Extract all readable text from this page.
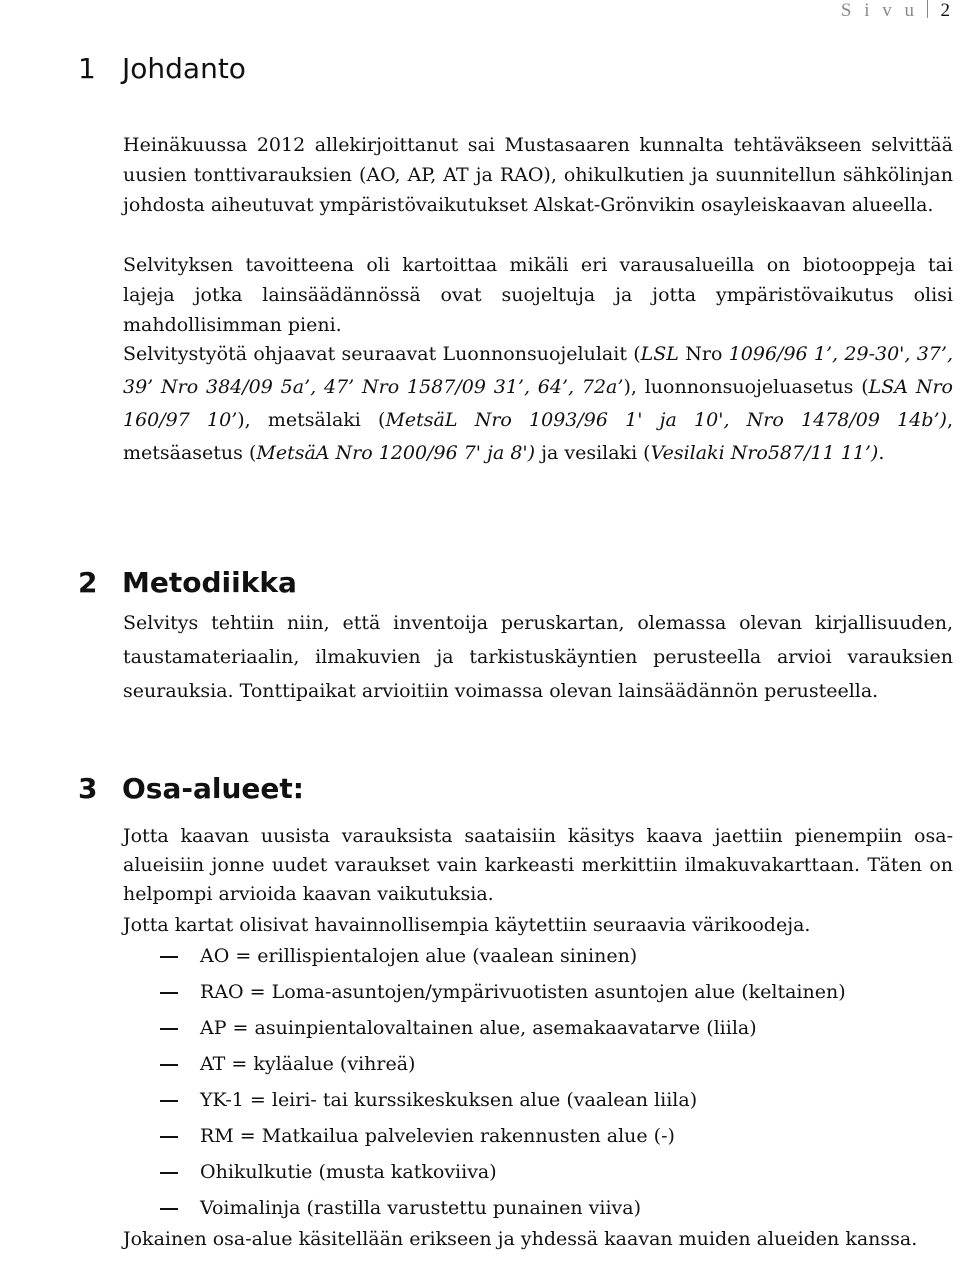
S i v u 2
1 Johdanto

Heinäkuussa 2012 allekirjoittanut sai Mustasaaren kunnalta tehtäväkseen selvittää uusien tonttivarauksien (AO, AP, AT ja RAO), ohikulkutien ja suunnitellun sähkölinjan johdosta aiheutuvat ympäristövaikutukset Alskat-Grönvikin osayleiskaavan alueella.

Selvityksen tavoitteena oli kartoittaa mikäli eri varausalueilla on biotooppeja tai lajeja jotka lainsäädännössä ovat suojeltuja ja jotta ympäristövaikutus olisi mahdollisimman pieni.

Selvitystyötä ohjaavat seuraavat Luonnonsuojelulait (LSL Nro 1096/96 1’, 29-30', 37’, 39’ Nro 384/09 5a’, 47’ Nro 1587/09 31’, 64’, 72a’), luonnonsuojeluasetus (LSA Nro 160/97 10’), metsälaki (MetsäL Nro 1093/96 1' ja 10', Nro 1478/09 14b’), metsäasetus (MetsäA Nro 1200/96 7' ja 8') ja vesilaki (Vesilaki Nro587/11 11’).

2 Metodiikka

Selvitys tehtiin niin, että inventoija peruskartan, olemassa olevan kirjallisuuden, taustamateriaalin, ilmakuvien ja tarkistuskäyntien perusteella arvioi varauksien seurauksia. Tonttipaikat arvioitiin voimassa olevan lainsäädännön perusteella.

3 Osa-alueet:

Jotta kaavan uusista varauksista saataisiin käsitys kaava jaettiin pienempiin osa-alueisiin jonne uudet varaukset vain karkeasti merkittiin ilmakuvakarttaan. Täten on helpompi arvioida kaavan vaikutuksia.

Jotta kartat olisivat havainnollisempia käytettiin seuraavia värikoodeja.

AO = erillispientalojen alue (vaalean sininen)
RAO = Loma-asuntojen/ympärivuotisten asuntojen alue (keltainen)
AP = asuinpientalovaltainen alue, asemakaavatarve (liila)
AT = kyläalue (vihreä)
YK-1 = leiri- tai kurssikeskuksen alue (vaalean liila)
RM = Matkailua palvelevien rakennusten alue (-)
Ohikulkutie (musta katkoviiva)
Voimalinja (rastilla varustettu punainen viiva)

Jokainen osa-alue käsitellään erikseen ja yhdessä kaavan muiden alueiden kanssa.
